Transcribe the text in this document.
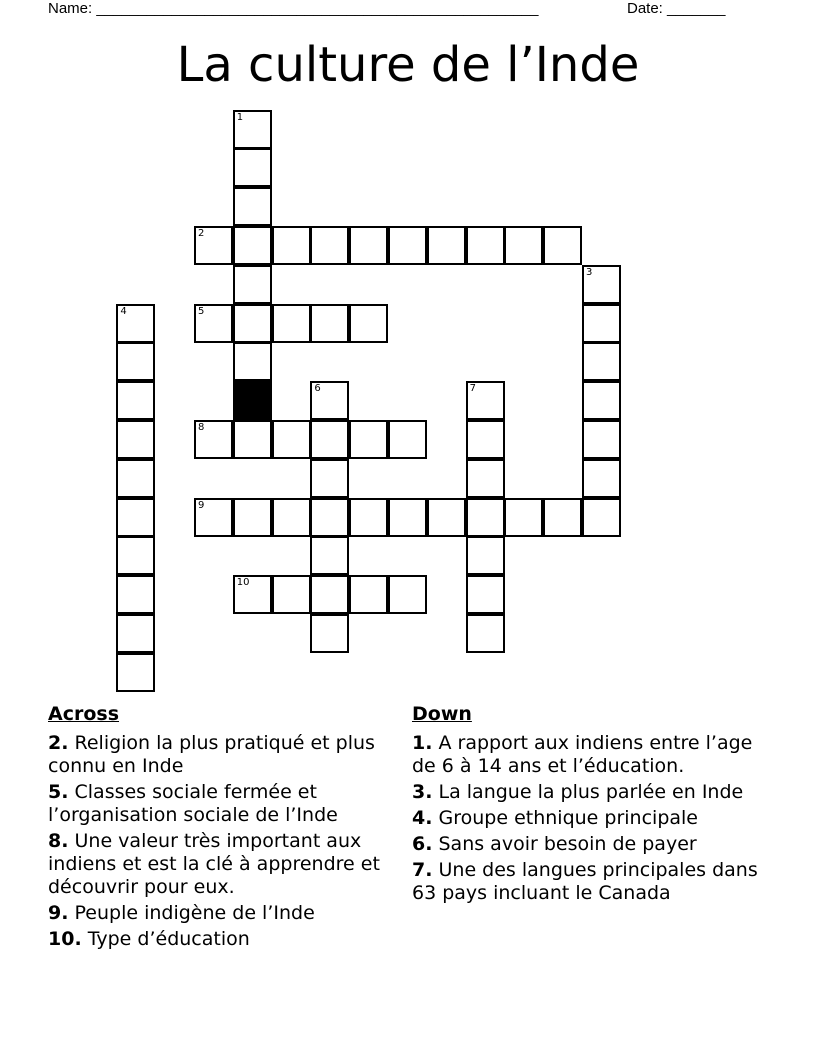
Name: _____________________________________________________	Date: _______
La culture de l’Inde
1
2
3
4	5
6	7
8
9
10
Across
2. Religion la plus pratiqué et plus connu en Inde
5. Classes sociale fermée et l’organisation sociale de l’Inde
8. Une valeur très important aux indiens et est la clé à apprendre et découvrir pour eux.
9. Peuple indigène de l’Inde
10. Type d’éducation
Down
1. A rapport aux indiens entre l’age de 6 à 14 ans et l’éducation.
3. La langue la plus parlée en Inde
4. Groupe ethnique principale
6. Sans avoir besoin de payer
7. Une des langues principales dans 63 pays incluant le Canada
